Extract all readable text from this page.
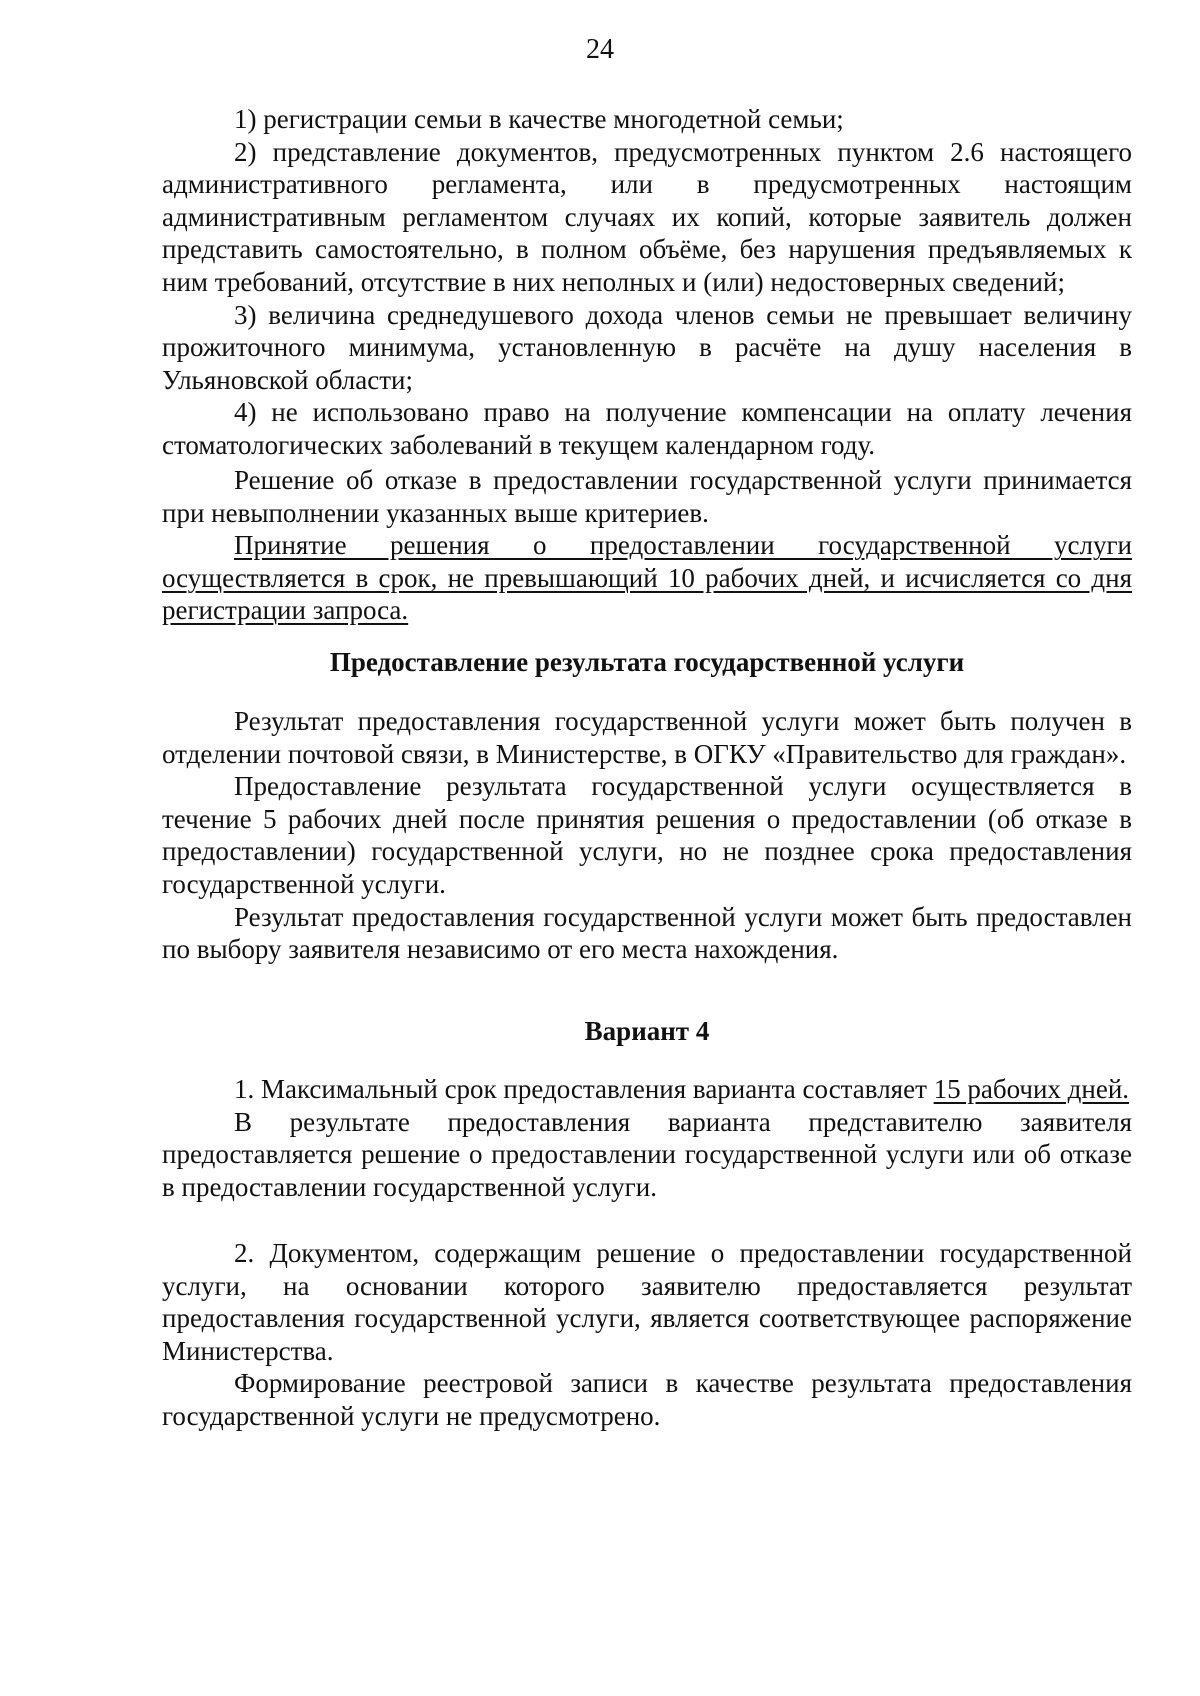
24

1) регистрации семьи в качестве многодетной семьи;

2) представление документов, предусмотренных пунктом 2.6 настоящего административного регламента, или в предусмотренных настоящим административным регламентом случаях их копий, которые заявитель должен представить самостоятельно, в полном объёме, без нарушения предъявляемых к ним требований, отсутствие в них неполных и (или) недостоверных сведений;

3) величина среднедушевого дохода членов семьи не превышает величину прожиточного минимума, установленную в расчёте на душу населения в Ульяновской области;

4) не использовано право на получение компенсации на оплату лечения стоматологических заболеваний в текущем календарном году.

Решение об отказе в предоставлении государственной услуги принимается при невыполнении указанных выше критериев.

Принятие решения о предоставлении государственной услуги осуществляется в срок, не превышающий 10 рабочих дней, и исчисляется со дня регистрации запроса.

Предоставление результата государственной услуги

Результат предоставления государственной услуги может быть получен в отделении почтовой связи, в Министерстве, в ОГКУ «Правительство для граждан».

Предоставление результата государственной услуги осуществляется в течение 5 рабочих дней после принятия решения о предоставлении (об отказе в предоставлении) государственной услуги, но не позднее срока предоставления государственной услуги.

Результат предоставления государственной услуги может быть предоставлен по выбору заявителя независимо от его места нахождения.

Вариант 4

1. Максимальный срок предоставления варианта составляет 15 рабочих дней.

В результате предоставления варианта представителю заявителя предоставляется решение о предоставлении государственной услуги или об отказе в предоставлении государственной услуги.

2. Документом, содержащим решение о предоставлении государственной услуги, на основании которого заявителю предоставляется результат предоставления государственной услуги, является соответствующее распоряжение Министерства.

Формирование реестровой записи в качестве результата предоставления государственной услуги не предусмотрено.
